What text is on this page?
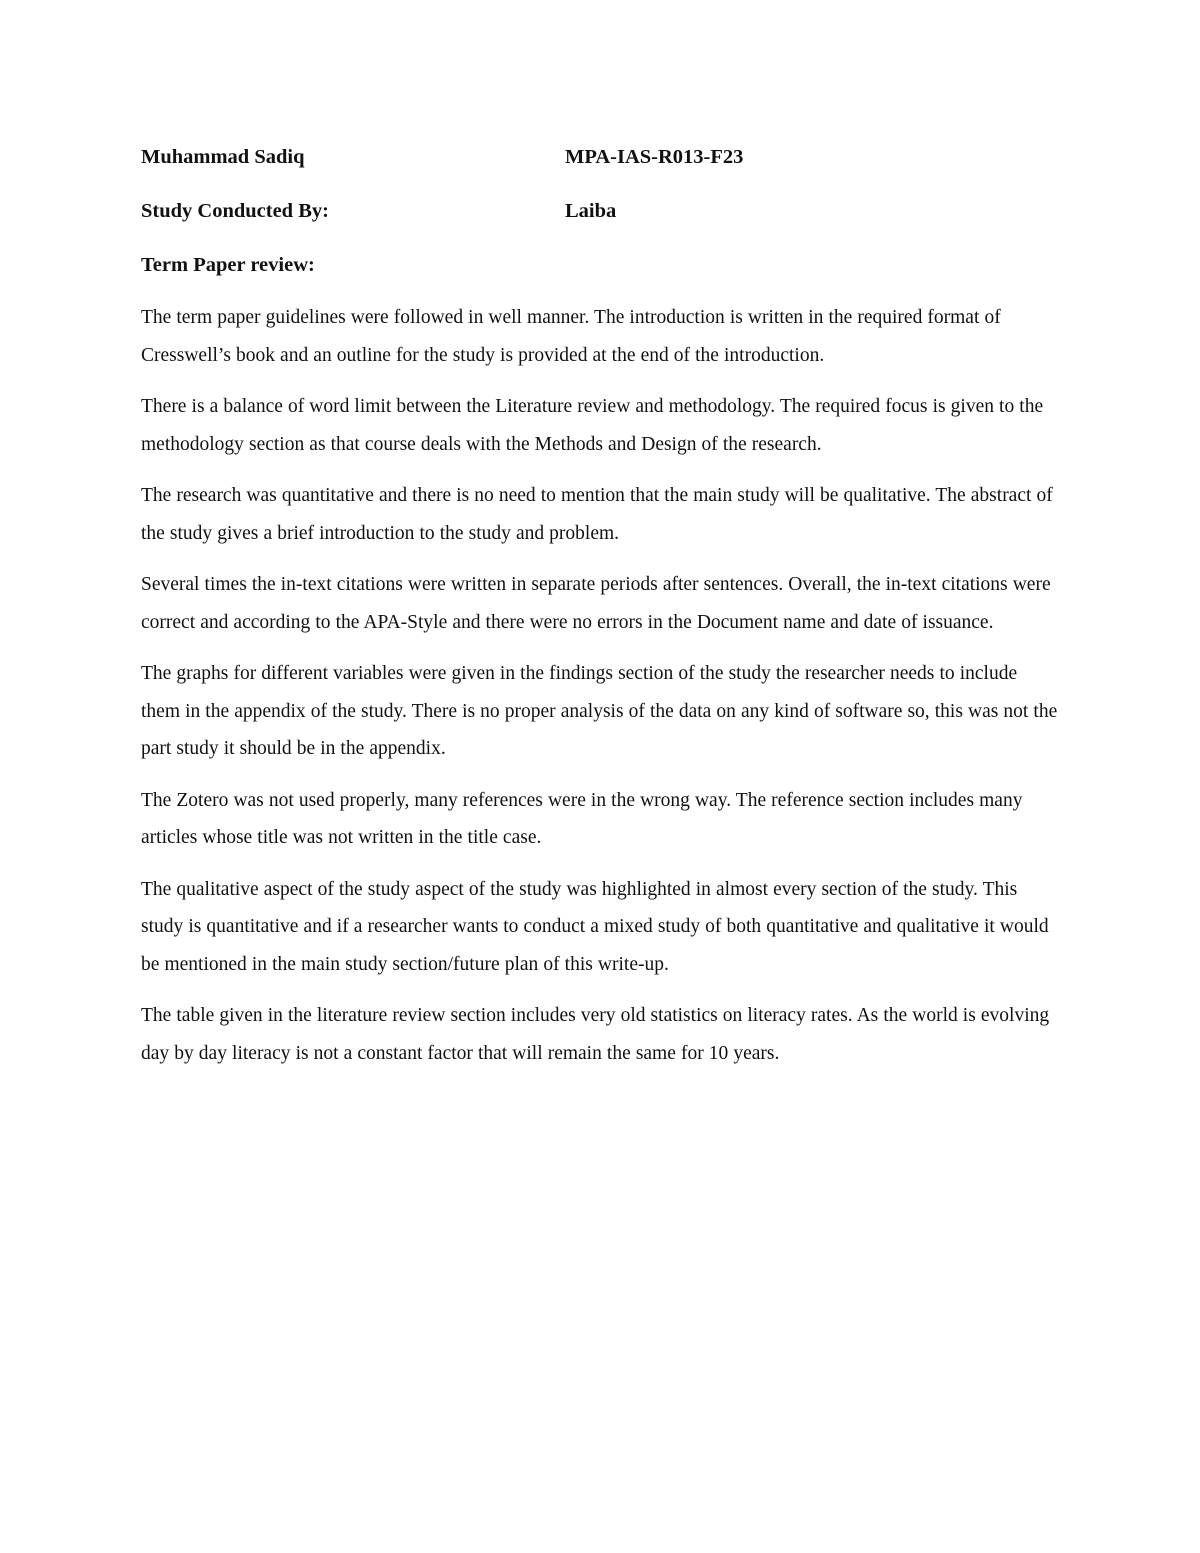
Muhammad Sadiq	MPA-IAS-R013-F23
Study Conducted By:	Laiba
Term Paper review:

The term paper guidelines were followed in well manner. The introduction is written in the required format of Cresswell’s book and an outline for the study is provided at the end of the introduction.

There is a balance of word limit between the Literature review and methodology. The required focus is given to the methodology section as that course deals with the Methods and Design of the research.

The research was quantitative and there is no need to mention that the main study will be qualitative. The abstract of the study gives a brief introduction to the study and problem.

Several times the in-text citations were written in separate periods after sentences. Overall, the in-text citations were correct and according to the APA-Style and there were no errors in the Document name and date of issuance.

The graphs for different variables were given in the findings section of the study the researcher needs to include them in the appendix of the study. There is no proper analysis of the data on any kind of software so, this was not the part study it should be in the appendix.

The Zotero was not used properly, many references were in the wrong way. The reference section includes many articles whose title was not written in the title case.

The qualitative aspect of the study aspect of the study was highlighted in almost every section of the study. This study is quantitative and if a researcher wants to conduct a mixed study of both quantitative and qualitative it would be mentioned in the main study section/future plan of this write-up.

The table given in the literature review section includes very old statistics on literacy rates. As the world is evolving day by day literacy is not a constant factor that will remain the same for 10 years.
